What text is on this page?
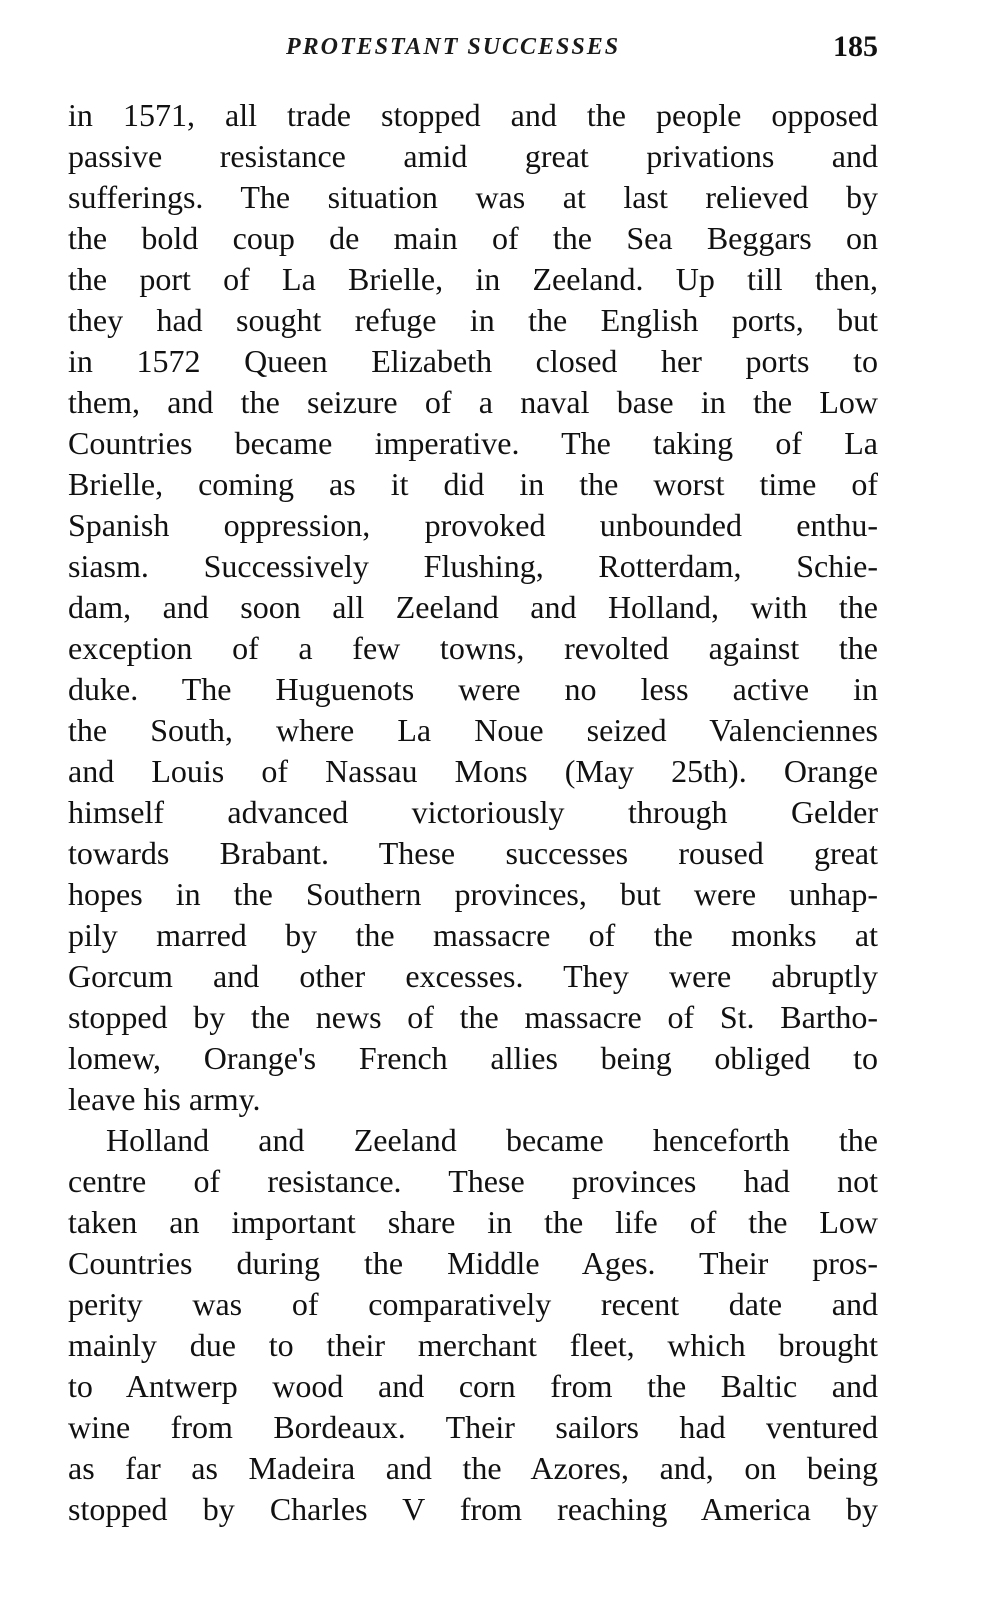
PROTESTANT SUCCESSES	185
in 1571, all trade stopped and the people opposed
passive resistance amid great privations and
sufferings. The situation was at last relieved by
the bold coup de main of the Sea Beggars on
the port of La Brielle, in Zeeland. Up till then,
they had sought refuge in the English ports, but
in 1572 Queen Elizabeth closed her ports to
them, and the seizure of a naval base in the Low
Countries became imperative. The taking of La
Brielle, coming as it did in the worst time of
Spanish oppression, provoked unbounded enthu-
siasm. Successively Flushing, Rotterdam, Schie-
dam, and soon all Zeeland and Holland, with the
exception of a few towns, revolted against the
duke. The Huguenots were no less active in
the South, where La Noue seized Valenciennes
and Louis of Nassau Mons (May 25th). Orange
himself advanced victoriously through Gelder
towards Brabant. These successes roused great
hopes in the Southern provinces, but were unhap-
pily marred by the massacre of the monks at
Gorcum and other excesses. They were abruptly
stopped by the news of the massacre of St. Bartho-
lomew, Orange's French allies being obliged to
leave his army.
Holland and Zeeland became henceforth the
centre of resistance. These provinces had not
taken an important share in the life of the Low
Countries during the Middle Ages. Their pros-
perity was of comparatively recent date and
mainly due to their merchant fleet, which brought
to Antwerp wood and corn from the Baltic and
wine from Bordeaux. Their sailors had ventured
as far as Madeira and the Azores, and, on being
stopped by Charles V from reaching America by
